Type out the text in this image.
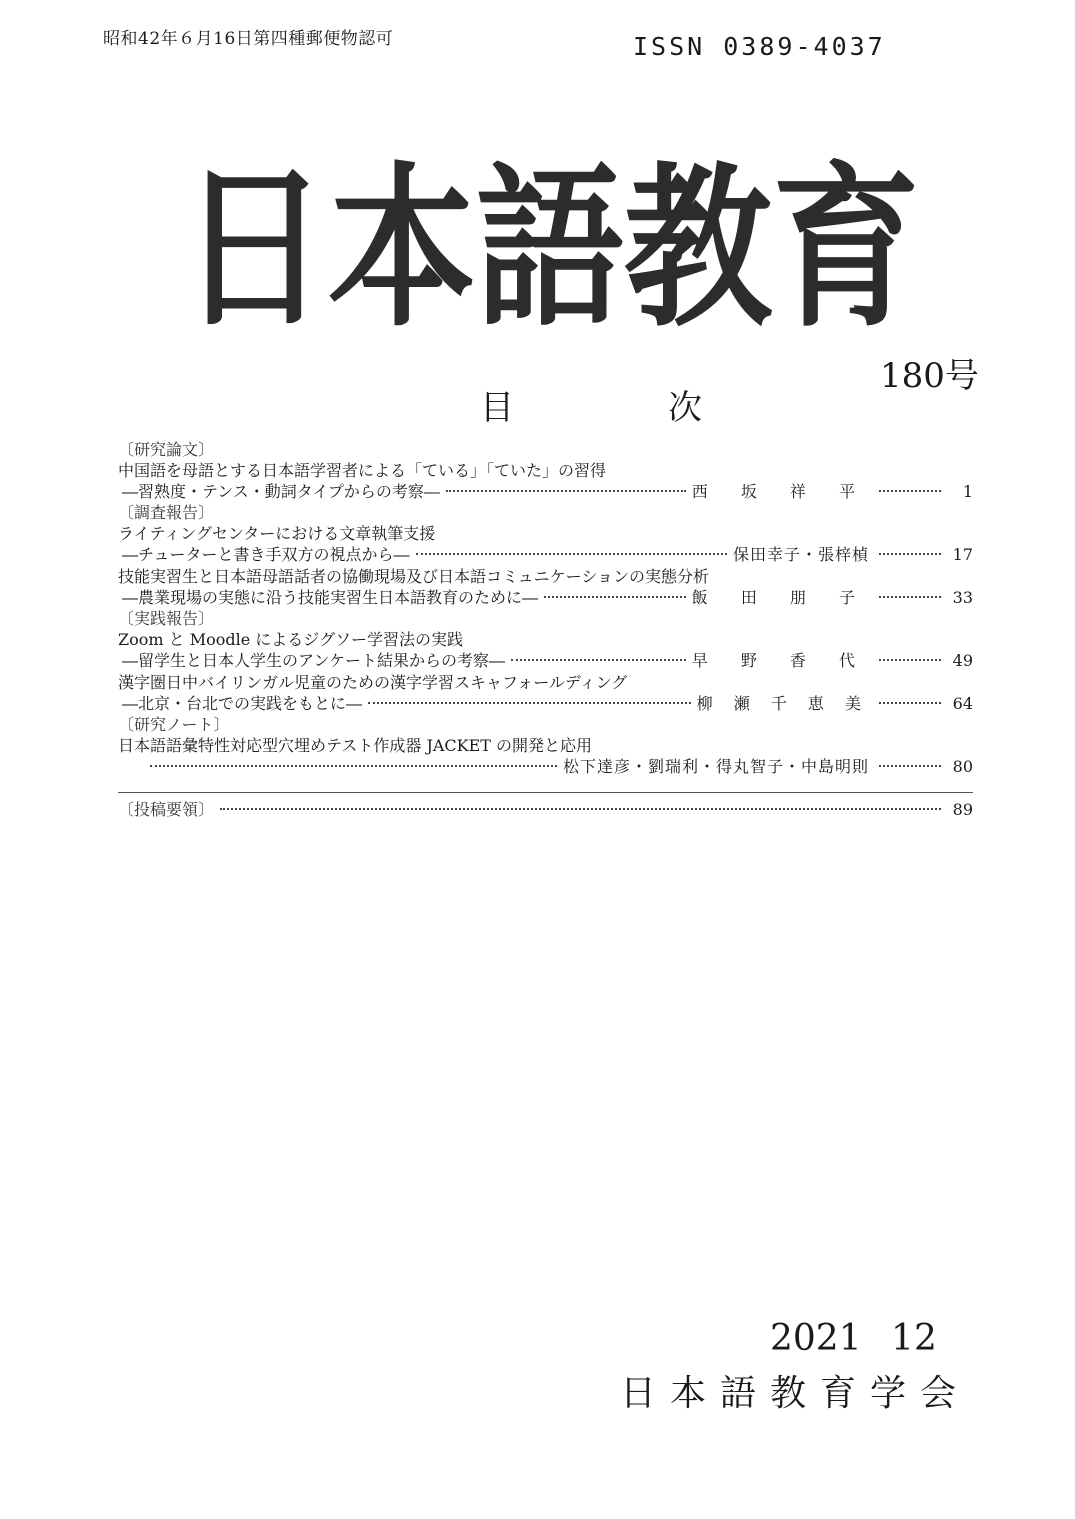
昭和42年６月16日第四種郵便物認可	ISSN 0389-4037
日本語教育
180号
目　次
〔研究論文〕
中国語を母語とする日本語学習者による「ている」「ていた」の習得
―習熟度・テンス・動詞タイプからの考察―	西 坂 祥 平	1
〔調査報告〕
ライティングセンターにおける文章執筆支援
―チューターと書き手双方の視点から―	保田幸子・張梓楨	17
技能実習生と日本語母語話者の協働現場及び日本語コミュニケーションの実態分析
―農業現場の実態に沿う技能実習生日本語教育のために―	飯 田 朋 子	33
〔実践報告〕
Zoom と Moodle によるジグソー学習法の実践
―留学生と日本人学生のアンケート結果からの考察―	早 野 香 代	49
漢字圏日中バイリンガル児童のための漢字学習スキャフォールディング
―北京・台北での実践をもとに―	柳 瀬 千 恵 美	64
〔研究ノート〕
日本語語彙特性対応型穴埋めテスト作成器 JACKET の開発と応用
松下達彦・劉瑞利・得丸智子・中島明則	80
〔投稿要領〕	89
2021 12
日本語教育学会
